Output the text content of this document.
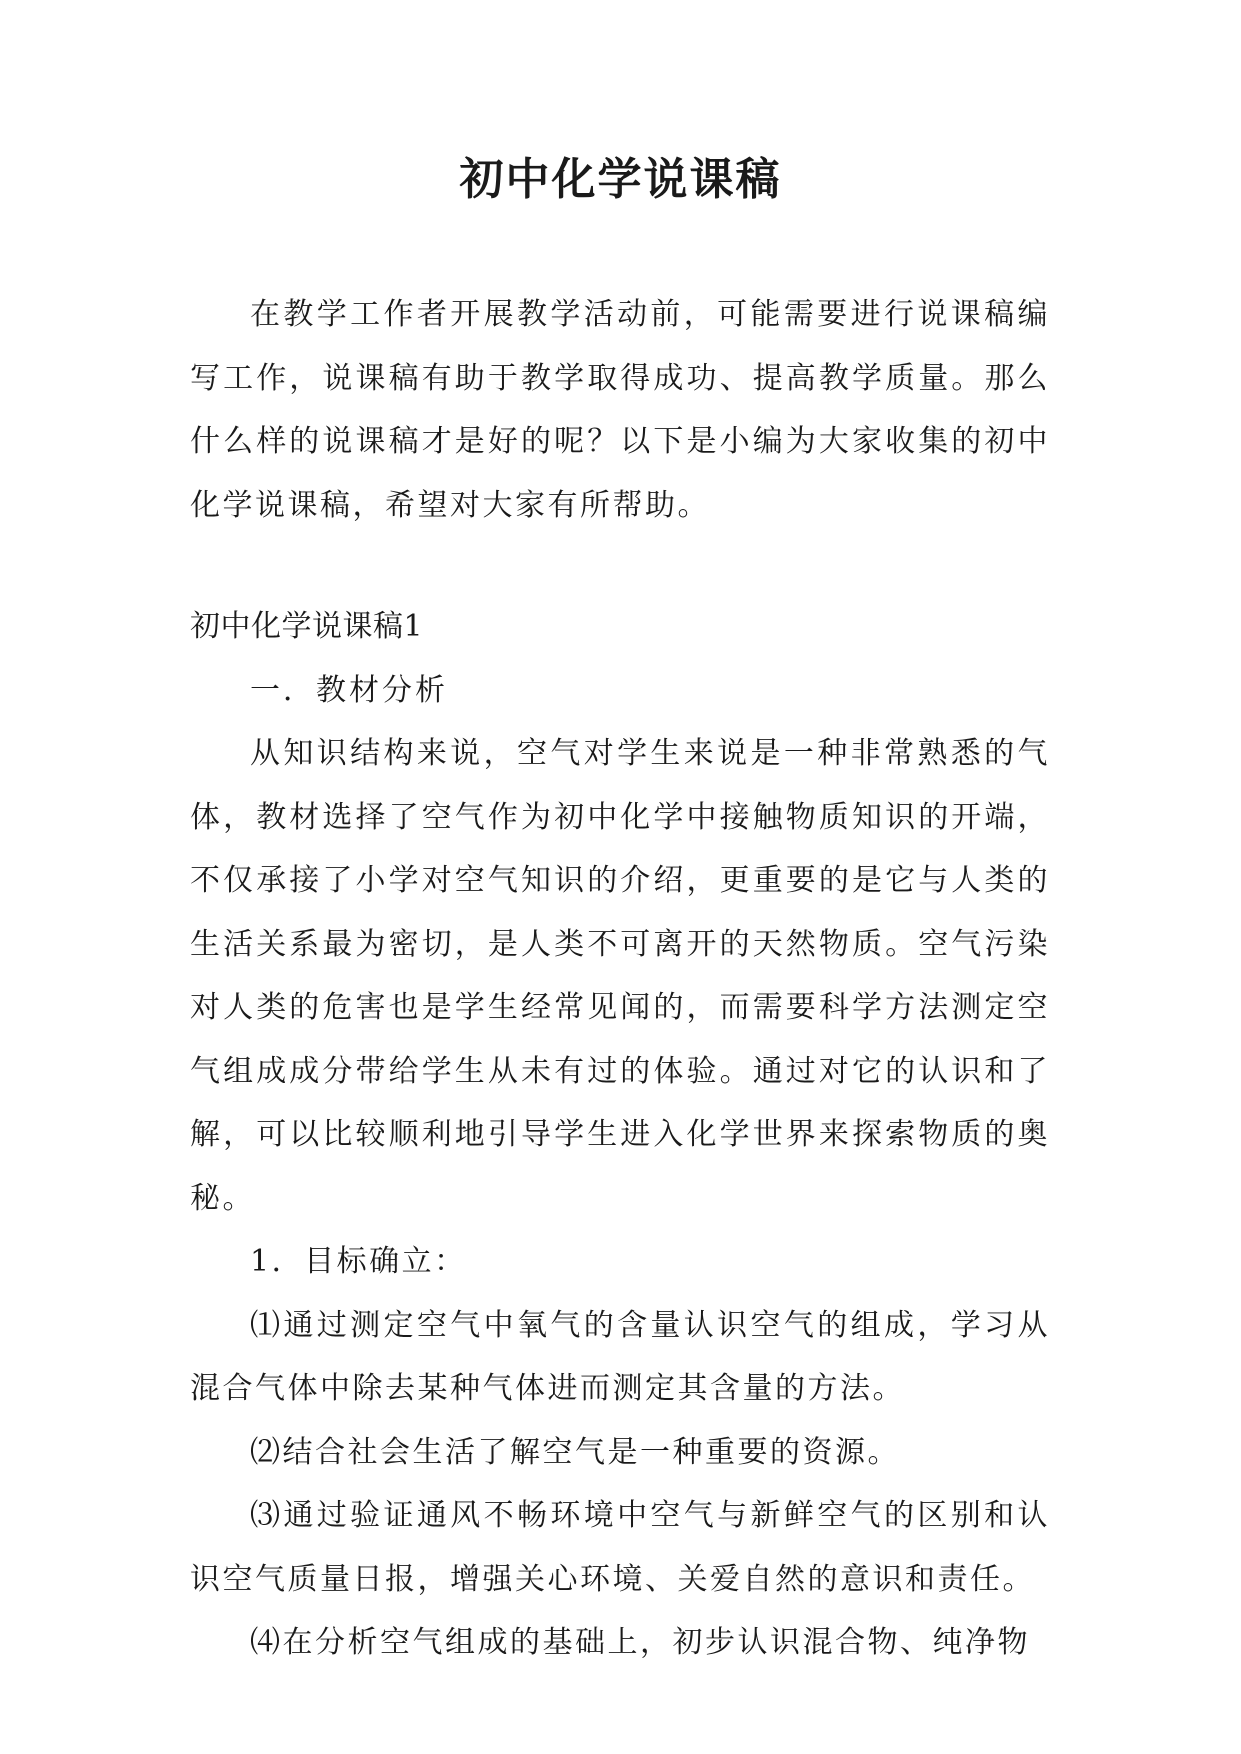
初中化学说课稿

在教学工作者开展教学活动前，可能需要进行说课稿编写工作，说课稿有助于教学取得成功、提高教学质量。那么什么样的说课稿才是好的呢？以下是小编为大家收集的初中化学说课稿，希望对大家有所帮助。

初中化学说课稿1

一．教材分析

从知识结构来说，空气对学生来说是一种非常熟悉的气体，教材选择了空气作为初中化学中接触物质知识的开端，不仅承接了小学对空气知识的介绍，更重要的是它与人类的生活关系最为密切，是人类不可离开的天然物质。空气污染对人类的危害也是学生经常见闻的，而需要科学方法测定空气组成成分带给学生从未有过的体验。通过对它的认识和了解，可以比较顺利地引导学生进入化学世界来探索物质的奥秘。

1．目标确立：

⑴通过测定空气中氧气的含量认识空气的组成，学习从混合气体中除去某种气体进而测定其含量的方法。

⑵结合社会生活了解空气是一种重要的资源。

⑶通过验证通风不畅环境中空气与新鲜空气的区别和认识空气质量日报，增强关心环境、关爱自然的意识和责任。

⑷在分析空气组成的基础上，初步认识混合物、纯净物
